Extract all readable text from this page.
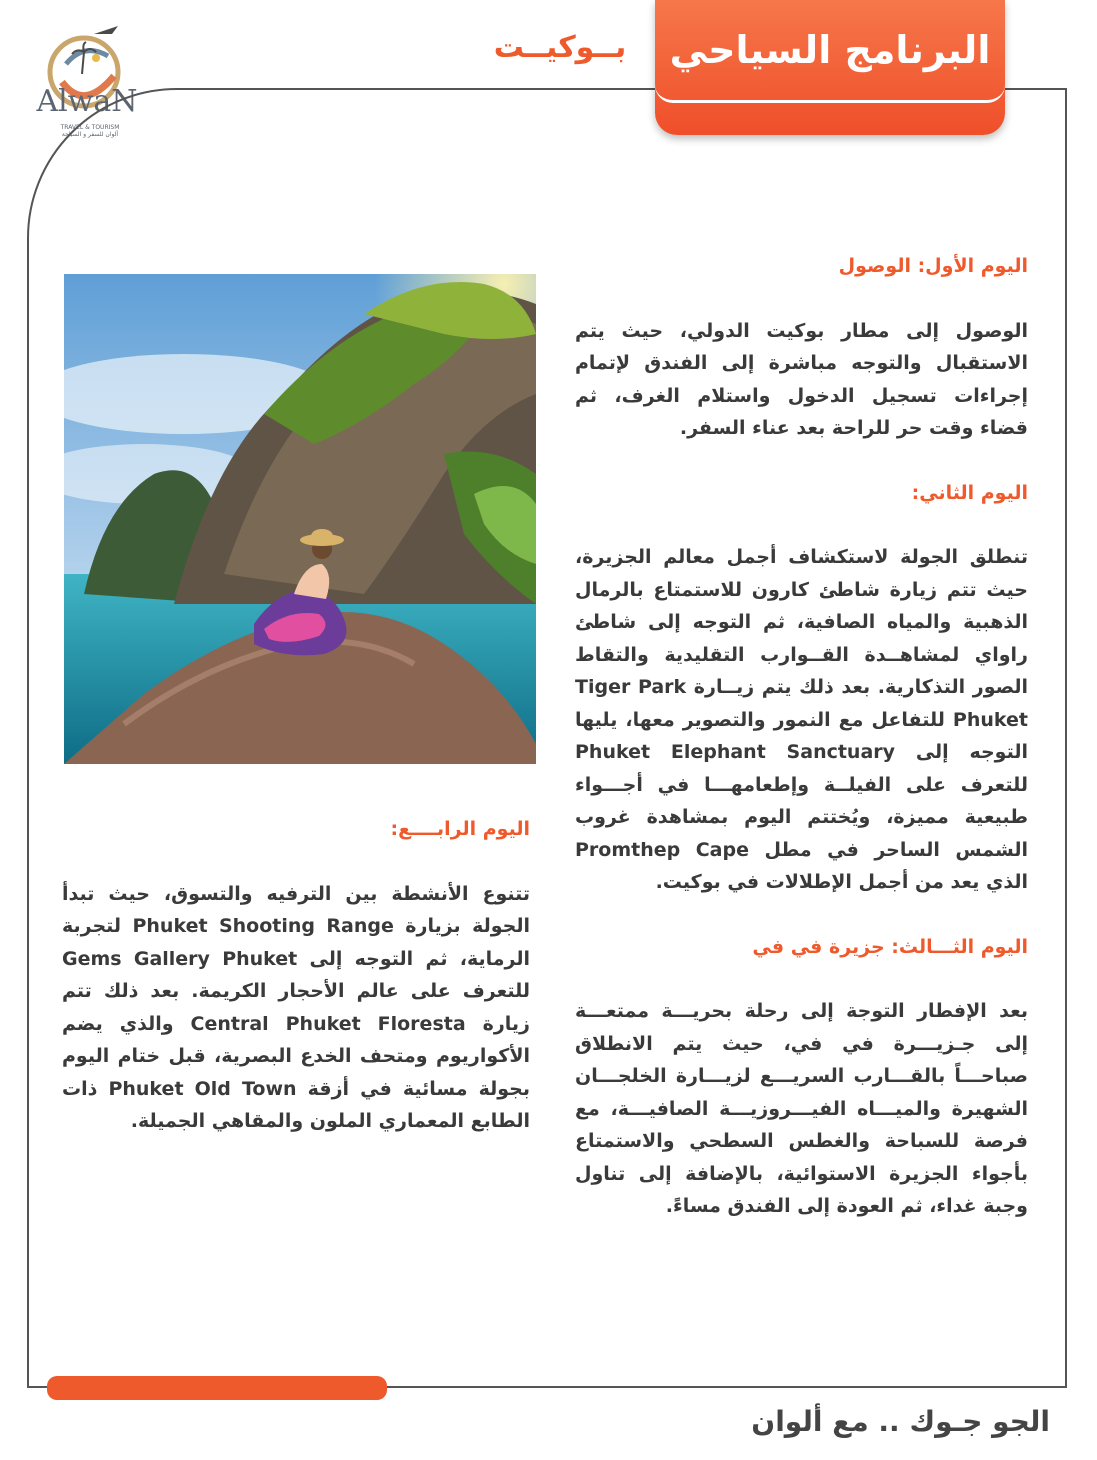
AlwaN
TRAVEL & TOURISM
ألوان للسفر و السياحة
بــوكيــت البرنامج السياحي

اليوم الأول: الوصول

الوصول إلى مطار بوكيت الدولي، حيث يتم الاستقبال والتوجه مباشرة إلى الفندق لإتمام إجراءات تسجيل الدخول واستلام الغرف، ثم قضاء وقت حر للراحة بعد عناء السفر.

اليوم الثاني:

تنطلق الجولة لاستكشاف أجمل معالم الجزيرة، حيث تتم زيارة شاطئ كارون للاستمتاع بالرمال الذهبية والمياه الصافية، ثم التوجه إلى شاطئ راواي لمشاهــدة القــوارب التقليدية والتقاط الصور التذكارية. بعد ذلك يتم زيــارة Tiger Park Phuket للتفاعل مع النمور والتصوير معها، يليها التوجه إلى Phuket Elephant Sanctuary للتعرف على الفيلــة وإطعامهـــا في أجـــواء طبيعية مميزة، ويُختتم اليوم بمشاهدة غروب الشمس الساحر في مطل Promthep Cape الذي يعد من أجمل الإطلالات في بوكيت.

اليوم الثـــالث: جزيرة في في

بعد الإفطار التوجة إلى رحلة بحريـــة ممتعـــة إلى جـزيـــرة في في، حيث يتم الانطلاق صباحـــاً بالقـــارب السريـــع لزيـــارة الخلجـــان الشهيرة والميـــاه الفيـــروزيـــة الصافيـــة، مع فرصة للسباحة والغطس السطحي والاستمتاع بأجواء الجزيرة الاستوائية، بالإضافة إلى تناول وجبة غداء، ثم العودة إلى الفندق مساءً.

اليوم الرابــــع:

تتنوع الأنشطة بين الترفيه والتسوق، حيث تبدأ الجولة بزيارة Phuket Shooting Range لتجربة الرماية، ثم التوجه إلى Gems Gallery Phuket للتعرف على عالم الأحجار الكريمة. بعد ذلك تتم زيارة Central Phuket Floresta والذي يضم الأكواريوم ومتحف الخدع البصرية، قبل ختام اليوم بجولة مسائية في أزقة Phuket Old Town ذات الطابع المعماري الملون والمقاهي الجميلة.

الجو جـوك .. مع ألوان
